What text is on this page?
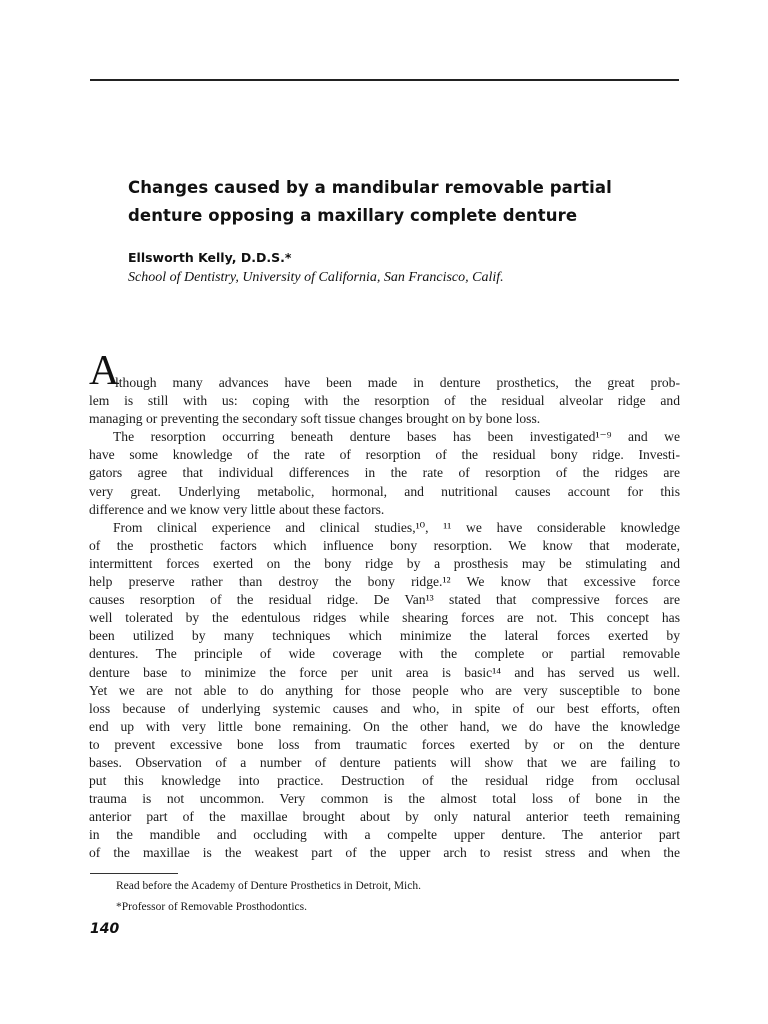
Changes caused by a mandibular removable partial
denture opposing a maxillary complete denture
Ellsworth Kelly, D.D.S.*
School of Dentistry, University of California, San Francisco, Calif.
A
lthough many advances have been made in denture prosthetics, the great prob-
lem is still with us: coping with the resorption of the residual alveolar ridge and
managing or preventing the secondary soft tissue changes brought on by bone loss.
The resorption occurring beneath denture bases has been investigated¹⁻⁹ and we
have some knowledge of the rate of resorption of the residual bony ridge. Investi-
gators agree that individual differences in the rate of resorption of the ridges are
very great. Underlying metabolic, hormonal, and nutritional causes account for this
difference and we know very little about these factors.
From clinical experience and clinical studies,¹⁰, ¹¹ we have considerable knowledge
of the prosthetic factors which influence bony resorption. We know that moderate,
intermittent forces exerted on the bony ridge by a prosthesis may be stimulating and
help preserve rather than destroy the bony ridge.¹² We know that excessive force
causes resorption of the residual ridge. De Van¹³ stated that compressive forces are
well tolerated by the edentulous ridges while shearing forces are not. This concept has
been utilized by many techniques which minimize the lateral forces exerted by
dentures. The principle of wide coverage with the complete or partial removable
denture base to minimize the force per unit area is basic¹⁴ and has served us well.
Yet we are not able to do anything for those people who are very susceptible to bone
loss because of underlying systemic causes and who, in spite of our best efforts, often
end up with very little bone remaining. On the other hand, we do have the knowledge
to prevent excessive bone loss from traumatic forces exerted by or on the denture
bases. Observation of a number of denture patients will show that we are failing to
put this knowledge into practice. Destruction of the residual ridge from occlusal
trauma is not uncommon. Very common is the almost total loss of bone in the
anterior part of the maxillae brought about by only natural anterior teeth remaining
in the mandible and occluding with a compelte upper denture. The anterior part
of the maxillae is the weakest part of the upper arch to resist stress and when the
Read before the Academy of Denture Prosthetics in Detroit, Mich.
*Professor of Removable Prosthodontics.
140
